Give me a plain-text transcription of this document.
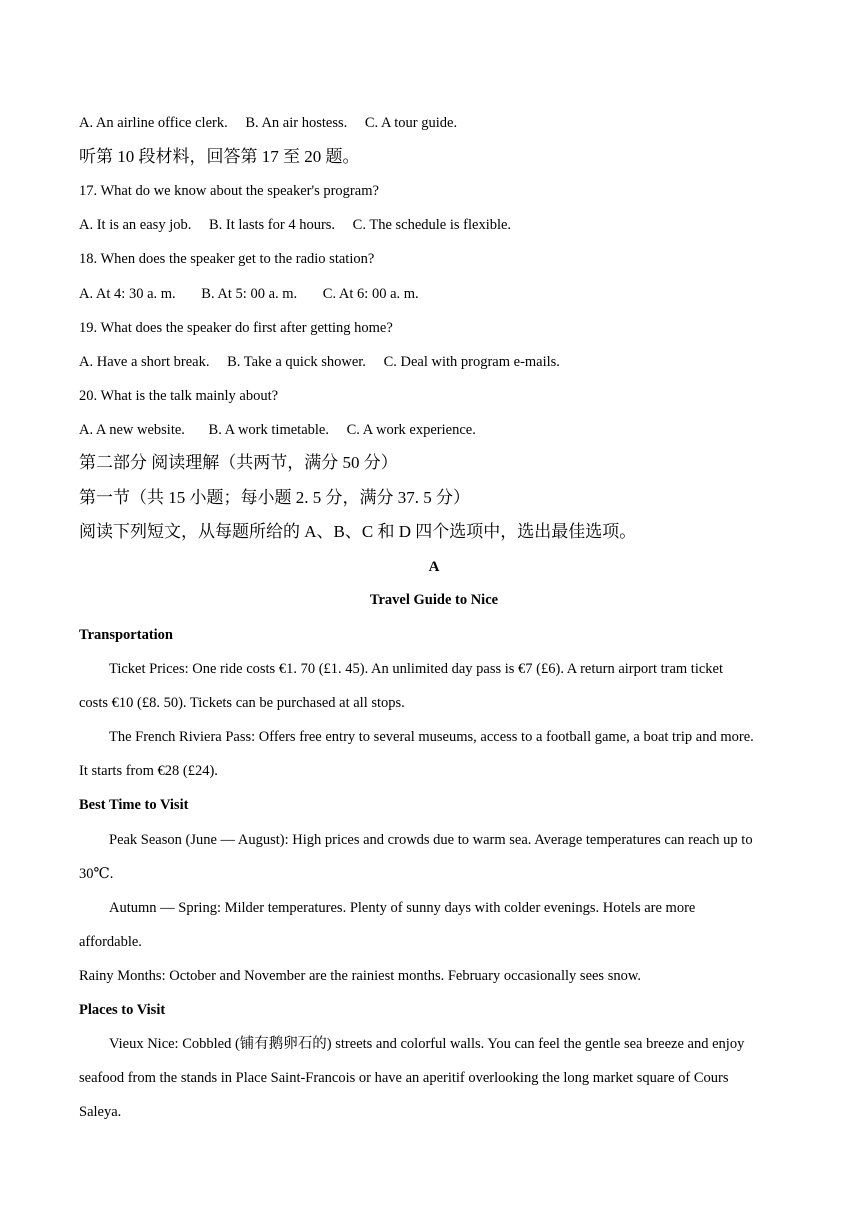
A. An airline office clerk. B. An air hostess. C. A tour guide.
听第 10 段材料，回答第 17 至 20 题。
17. What do we know about the speaker's program?
A. It is an easy job. B. It lasts for 4 hours. C. The schedule is flexible.
18. When does the speaker get to the radio station?
A. At 4: 30 a. m. B. At 5: 00 a. m. C. At 6: 00 a. m.
19. What does the speaker do first after getting home?
A. Have a short break. B. Take a quick shower. C. Deal with program e-mails.
20. What is the talk mainly about?
A. A new website. B. A work timetable. C. A work experience.
第二部分 阅读理解（共两节，满分 50 分）
第一节（共 15 小题；每小题 2. 5 分，满分 37. 5 分）
阅读下列短文，从每题所给的 A、B、C 和 D 四个选项中，选出最佳选项。
A
Travel Guide to Nice
Transportation
Ticket Prices: One ride costs €1. 70 (£1. 45). An unlimited day pass is €7 (£6). A return airport tram ticket
costs €10 (£8. 50). Tickets can be purchased at all stops.
The French Riviera Pass: Offers free entry to several museums, access to a football game, a boat trip and more.
It starts from €28 (£24).
Best Time to Visit
Peak Season (June — August): High prices and crowds due to warm sea. Average temperatures can reach up to
30℃.
Autumn — Spring: Milder temperatures. Plenty of sunny days with colder evenings. Hotels are more
affordable.
Rainy Months: October and November are the rainiest months. February occasionally sees snow.
Places to Visit
Vieux Nice: Cobbled (铺有鹅卵石的) streets and colorful walls. You can feel the gentle sea breeze and enjoy
seafood from the stands in Place Saint-Francois or have an aperitif overlooking the long market square of Cours
Saleya.
